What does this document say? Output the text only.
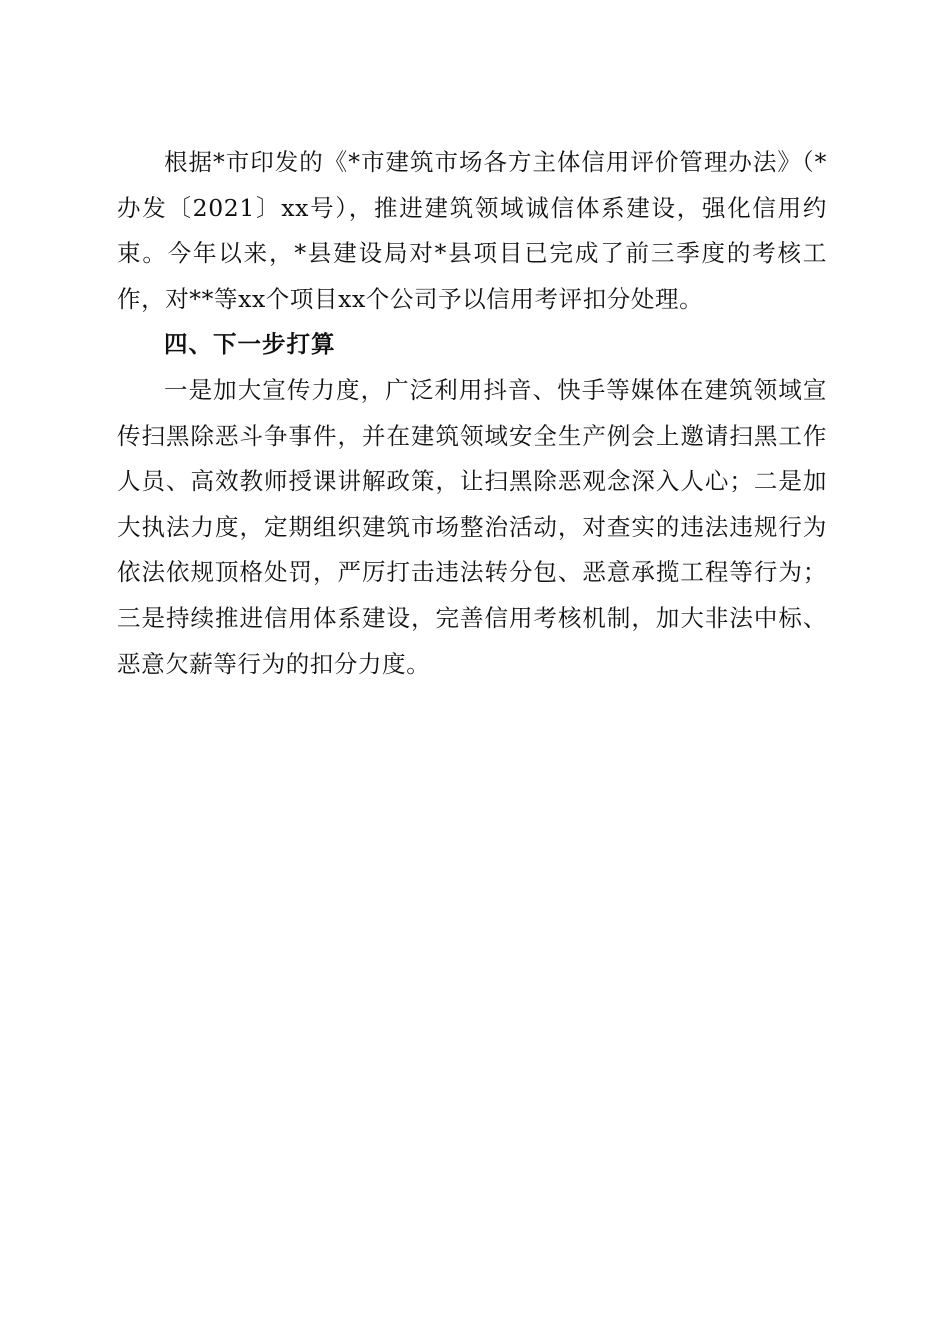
根据*市印发的《*市建筑市场各方主体信用评价管理办法》（*办发〔2021〕xx号），推进建筑领域诚信体系建设，强化信用约束。今年以来，*县建设局对*县项目已完成了前三季度的考核工作，对**等xx个项目xx个公司予以信用考评扣分处理。

四、下一步打算

一是加大宣传力度，广泛利用抖音、快手等媒体在建筑领域宣传扫黑除恶斗争事件，并在建筑领域安全生产例会上邀请扫黑工作人员、高效教师授课讲解政策，让扫黑除恶观念深入人心；二是加大执法力度，定期组织建筑市场整治活动，对查实的违法违规行为依法依规顶格处罚，严厉打击违法转分包、恶意承揽工程等行为；三是持续推进信用体系建设，完善信用考核机制，加大非法中标、恶意欠薪等行为的扣分力度。
